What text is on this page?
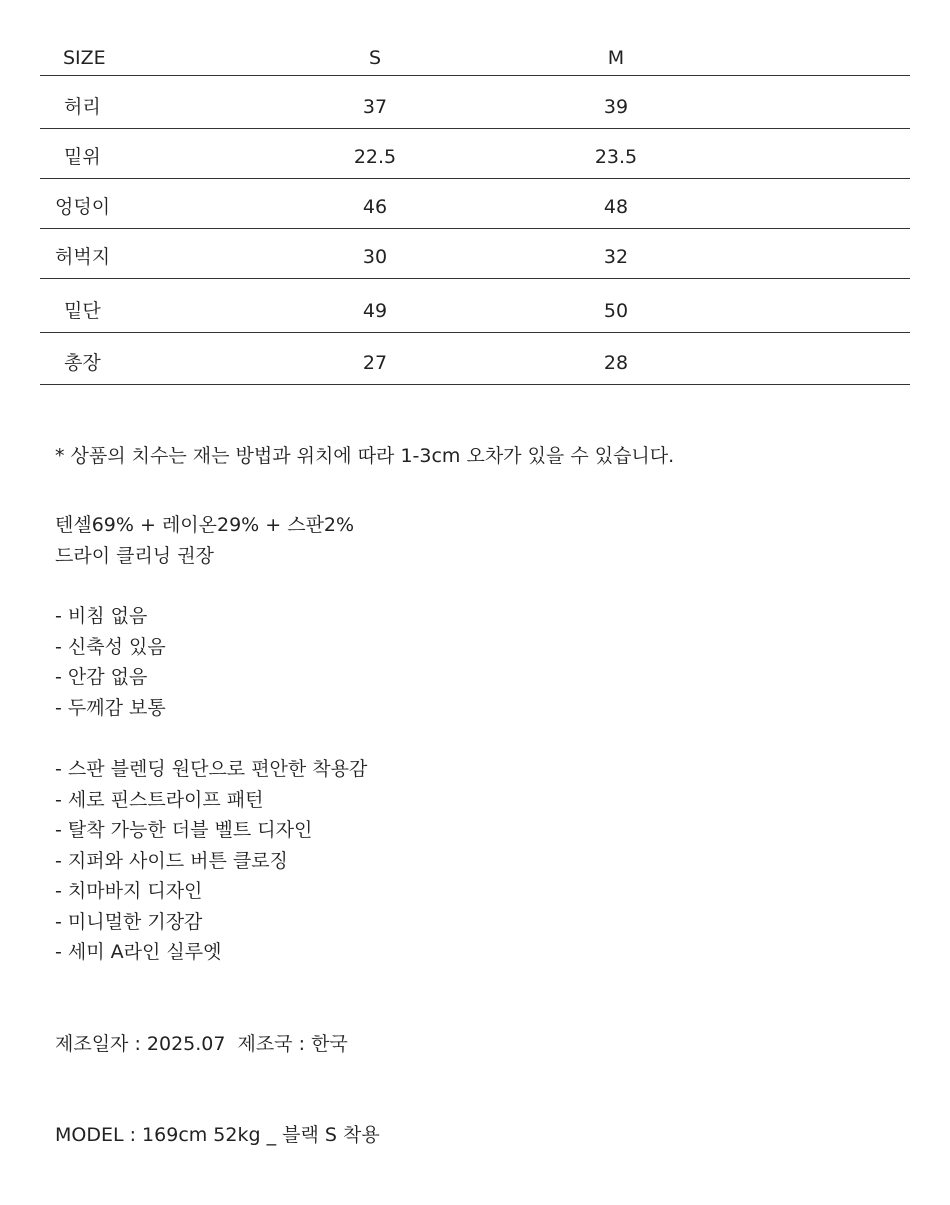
SIZE	S	M
허리	37	39
밑위	22.5	23.5
엉덩이	46	48
허벅지	30	32
밑단	49	50
총장	27	28
* 상품의 치수는 재는 방법과 위치에 따라 1-3cm 오차가 있을 수 있습니다.
텐셀69% + 레이온29% + 스판2%
드라이 클리닝 권장
- 비침 없음
- 신축성 있음
- 안감 없음
- 두께감 보통
- 스판 블렌딩 원단으로 편안한 착용감
- 세로 핀스트라이프 패턴
- 탈착 가능한 더블 벨트 디자인
- 지퍼와 사이드 버튼 클로징
- 치마바지 디자인
- 미니멀한 기장감
- 세미 A라인 실루엣
제조일자 : 2025.07  제조국 : 한국
MODEL : 169cm 52kg _ 블랙 S 착용
